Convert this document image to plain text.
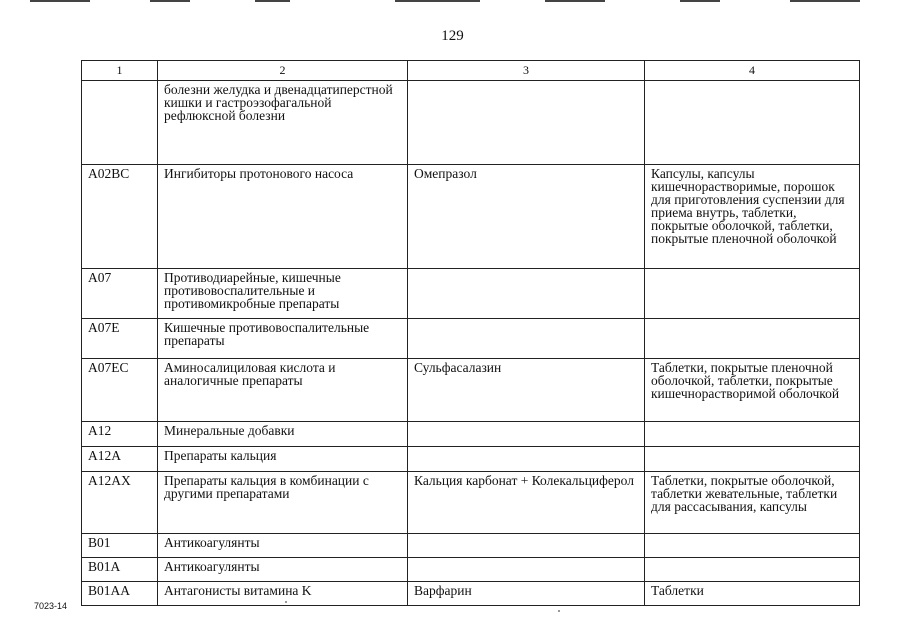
129
1	2	3	4
	болезни желудка и двенадцатиперстной кишки и гастроэзофагальной рефлюксной болезни		
A02BC	Ингибиторы протонового насоса	Омепразол	Капсулы, капсулы кишечнорастворимые, порошок для приготовления суспензии для приема внутрь, таблетки, покрытые оболочкой, таблетки, покрытые пленочной оболочкой
A07	Противодиарейные, кишечные противовоспалительные и противомикробные препараты		
A07E	Кишечные противовоспалительные препараты		
A07EC	Аминосалициловая кислота и аналогичные препараты	Сульфасалазин	Таблетки, покрытые пленочной оболочкой, таблетки, покрытые кишечнорастворимой оболочкой
A12	Минеральные добавки		
A12A	Препараты кальция		
A12AX	Препараты кальция в комбинации с другими препаратами	Кальция карбонат + Колекальциферол	Таблетки, покрытые оболочкой, таблетки жевательные, таблетки для рассасывания, капсулы
B01	Антикоагулянты		
B01A	Антикоагулянты		
B01AA	Антагонисты витамина K	Варфарин	Таблетки
7023-14
